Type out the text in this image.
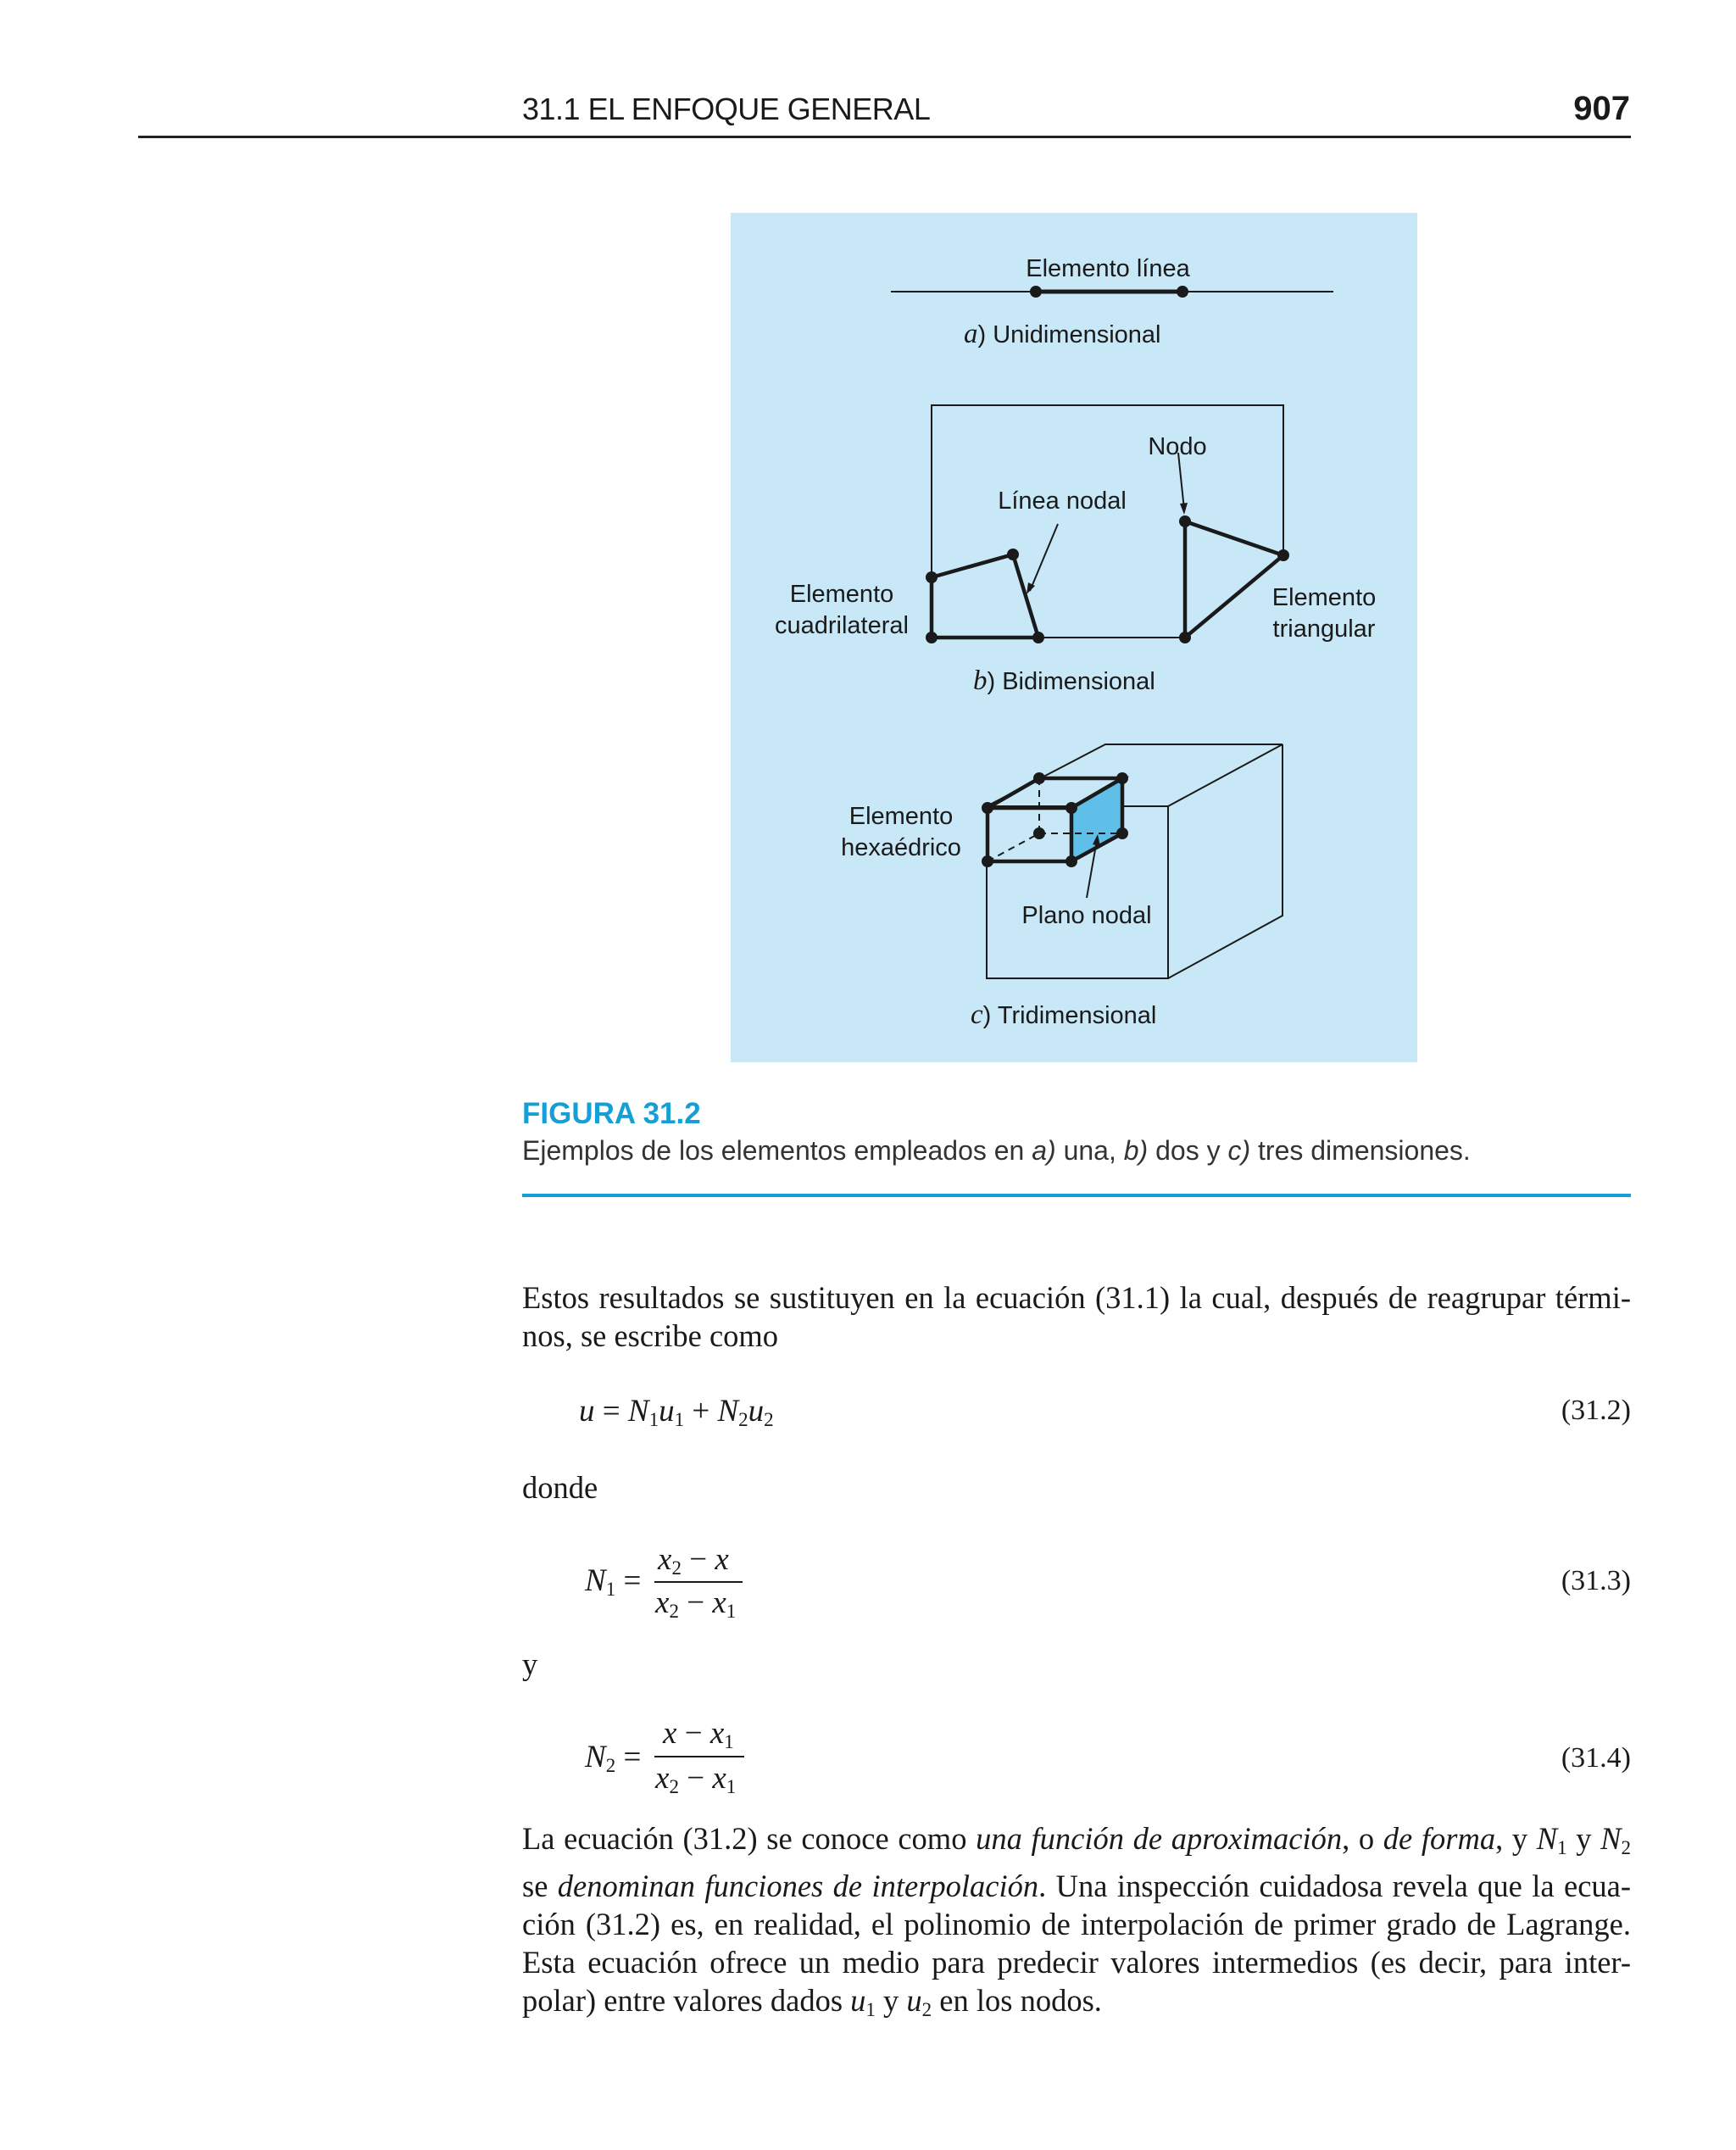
31.1 EL ENFOQUE GENERAL	907
Elemento línea
a) Unidimensional
Nodo
Línea nodal
Elemento
cuadrilateral
Elemento
triangular
b) Bidimensional
Elemento
hexaédrico
Plano nodal
c) Tridimensional
FIGURA 31.2
Ejemplos de los elementos empleados en a) una, b) dos y c) tres dimensiones.
Estos resultados se sustituyen en la ecuación (31.1) la cual, después de reagrupar térmi-
nos, se escribe como
$u = N_1u_1 + N_2u_2$	(31.2)
donde
$N_1$ =
$x_2 - x$
$x_2 - x_1$
(31.3)
y
$N_2$ =
$x - x_1$
$x_2 - x_1$
(31.4)
La ecuación (31.2) se conoce como una función de aproximación, o de forma, y $N_1$ y $N_2$
se denominan funciones de interpolación. Una inspección cuidadosa revela que la ecua-
ción (31.2) es, en realidad, el polinomio de interpolación de primer grado de Lagrange.
Esta ecuación ofrece un medio para predecir valores intermedios (es decir, para inter-
polar) entre valores dados $u_1$ y $u_2$ en los nodos.
